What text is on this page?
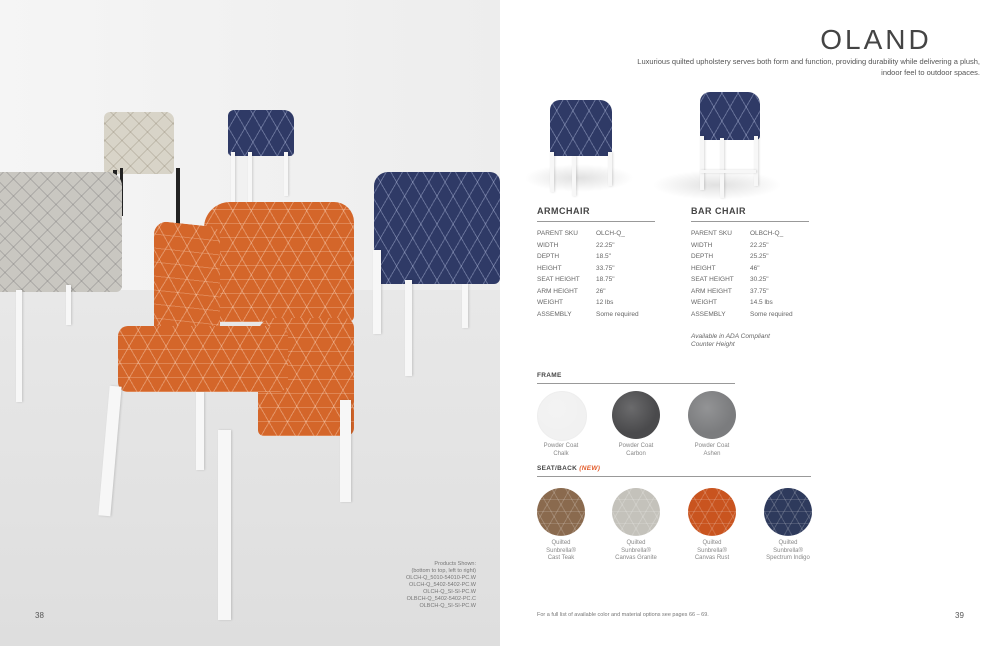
Products Shown:
(bottom to top, left to right)
OLCH-Q_5010-54010-PC.W
OLCH-Q_5402-5402-PC.W
OLCH-Q_SI-SI-PC.W
OLBCH-Q_5402-5402-PC.C
OLBCH-Q_SI-SI-PC.W
38
OLAND
Luxurious quilted upholstery serves both form and function, providing durability while delivering a plush, indoor feel to outdoor spaces.
ARMCHAIR
PARENT SKU	OLCH-Q_
WIDTH	22.25"
DEPTH	18.5"
HEIGHT	33.75"
SEAT HEIGHT	18.75"
ARM HEIGHT	26"
WEIGHT	12 lbs
ASSEMBLY	Some required
BAR CHAIR
PARENT SKU	OLBCH-Q_
WIDTH	22.25"
DEPTH	25.25"
HEIGHT	46"
SEAT HEIGHT	30.25"
ARM HEIGHT	37.75"
WEIGHT	14.5 lbs
ASSEMBLY	Some required
Available in ADA Compliant
Counter Height
FRAME
Powder Coat
Chalk
Powder Coat
Carbon
Powder Coat
Ashen
SEAT/BACK (NEW)
Quilted
Sunbrella®
Cast Teak
Quilted
Sunbrella®
Canvas Granite
Quilted
Sunbrella®
Canvas Rust
Quilted
Sunbrella®
Spectrum Indigo
For a full list of available color and material options see pages 66 – 69.	39
